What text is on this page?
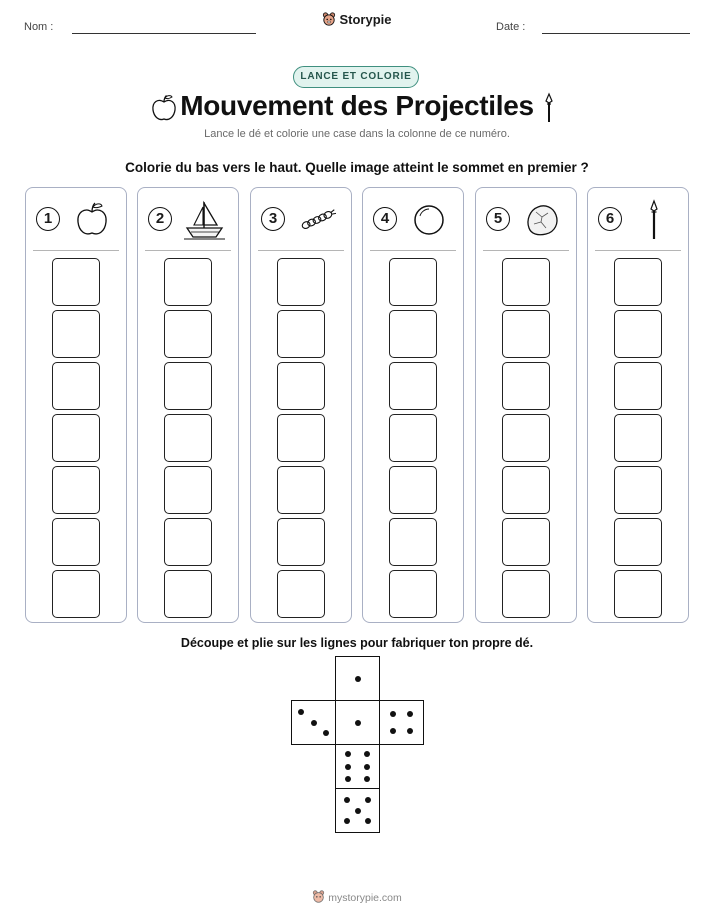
Nom :	Storypie	Date :
LANCE ET COLORIE
Mouvement des Projectiles
Lance le dé et colorie une case dans la colonne de ce numéro.
Colorie du bas vers le haut. Quelle image atteint le sommet en premier ?
1	2	3	4	5	6
Découpe et plie sur les lignes pour fabriquer ton propre dé.
mystorypie.com
